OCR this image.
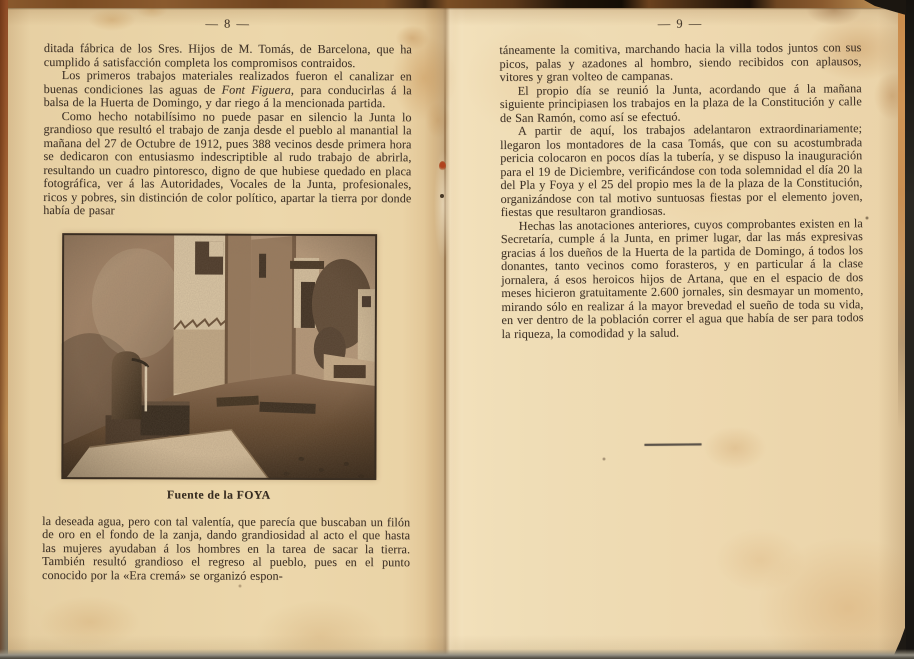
— 8 —

ditada fábrica de los Sres. Hijos de M. Tomás, de Barcelona, que ha cumplido á satisfacción completa los compromisos contraidos.

Los primeros trabajos materiales realizados fueron el canalizar en buenas condiciones las aguas de Font Figuera, para conducirlas á la balsa de la Huerta de Domingo, y dar riego á la mencionada partida.

Como hecho notabilísimo no puede pasar en silencio la Junta lo grandioso que resultó el trabajo de zanja desde el pueblo al manantial la mañana del 27 de Octubre de 1912, pues 388 vecinos desde primera hora se dedicaron con entusiasmo indescriptible al rudo trabajo de abrirla, resultando un cuadro pintoresco, digno de que hubiese quedado en placa fotográfica, ver á las Autoridades, Vocales de la Junta, profesionales, ricos y pobres, sin distinción de color político, apartar la tierra por donde había de pasar

Fuente de la FOYA

la deseada agua, pero con tal valentía, que parecía que buscaban un filón de oro en el fondo de la zanja, dando grandiosidad al acto el que hasta las mujeres ayudaban á los hombres en la tarea de sacar la tierra. También resultó grandioso el regreso al pueblo, pues en el punto conocido por la «Era cremá» se organizó espon-

— 9 —

táneamente la comitiva, marchando hacia la villa todos juntos con sus picos, palas y azadones al hombro, siendo recibidos con aplausos, vitores y gran volteo de campanas.

El propio día se reunió la Junta, acordando que á la mañana siguiente principiasen los trabajos en la plaza de la Constitución y calle de San Ramón, como así se efectuó.

A partir de aquí, los trabajos adelantaron extraordinariamente; llegaron los montadores de la casa Tomás, que con su acostumbrada pericia colocaron en pocos días la tubería, y se dispuso la inauguración para el 19 de Diciembre, verificándose con toda solemnidad el día 20 la del Pla y Foya y el 25 del propio mes la de la plaza de la Constitución, organizándose con tal motivo suntuosas fiestas por el elemento joven, fiestas que resultaron grandiosas.

Hechas las anotaciones anteriores, cuyos comprobantes existen en la Secretaría, cumple á la Junta, en primer lugar, dar las más expresivas gracias á los dueños de la Huerta de la partida de Domingo, á todos los donantes, tanto vecinos como forasteros, y en particular á la clase jornalera, á esos heroicos hijos de Artana, que en el espacio de dos meses hicieron gratuitamente 2.600 jornales, sin desmayar un momento, mirando sólo en realizar á la mayor brevedad el sueño de toda su vida, en ver dentro de la población correr el agua que había de ser para todos la riqueza, la comodidad y la salud.
